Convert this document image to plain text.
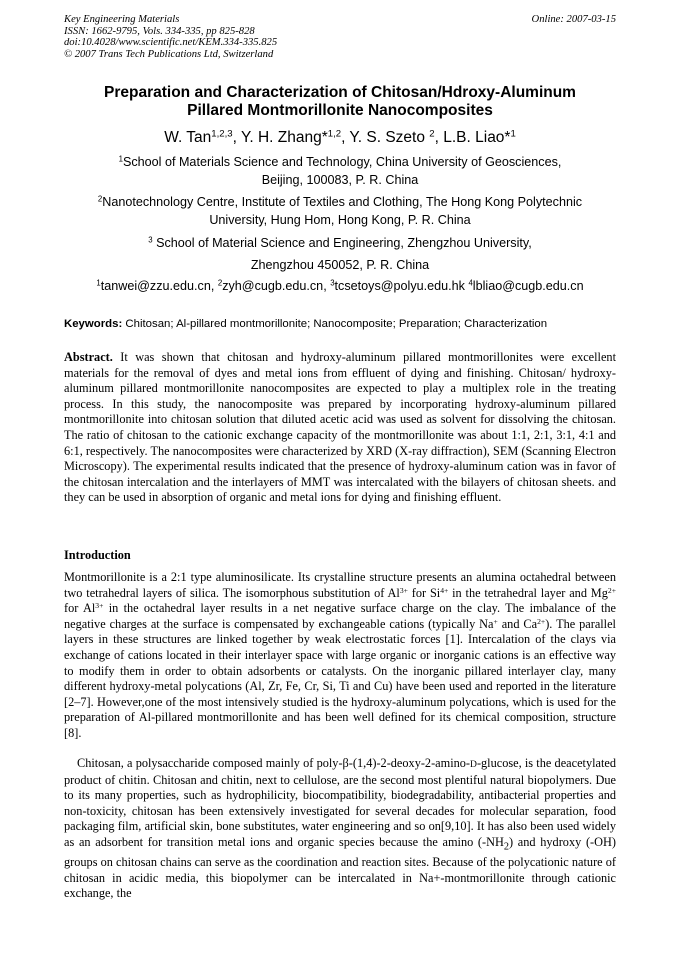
Key Engineering Materials
ISSN: 1662-9795, Vols. 334-335, pp 825-828
doi:10.4028/www.scientific.net/KEM.334-335.825
© 2007 Trans Tech Publications Ltd, Switzerland
Online: 2007-03-15
Preparation and Characterization of Chitosan/Hdroxy-Aluminum
Pillared Montmorillonite Nanocomposites
W. Tan$^{1,2,3}$, Y. H. Zhang*$^{1,2}$, Y. S. Szeto $^2$, L.B. Liao*$^1$
$^1$School of Materials Science and Technology, China University of Geosciences,
Beijing, 100083, P. R. China
$^2$Nanotechnology Centre, Institute of Textiles and Clothing, The Hong Kong Polytechnic
University, Hung Hom, Hong Kong, P. R. China
$^3$ School of Material Science and Engineering, Zhengzhou University,
Zhengzhou 450052, P. R. China
$^1$tanwei@zzu.edu.cn, $^2$zyh@cugb.edu.cn, $^3$tcsetoys@polyu.edu.hk $^4$lbliao@cugb.edu.cn
Keywords: Chitosan; Al-pillared montmorillonite; Nanocomposite; Preparation; Characterization
Abstract. It was shown that chitosan and hydroxy-aluminum pillared montmorillonites were excellent materials for the removal of dyes and metal ions from effluent of dying and finishing. Chitosan/ hydroxy-aluminum pillared montmorillonite nanocomposites are expected to play a multiplex role in the treating process. In this study, the nanocomposite was prepared by incorporating hydroxy-aluminum pillared montmorillonite into chitosan solution that diluted acetic acid was used as solvent for dissolving the chitosan. The ratio of chitosan to the cationic exchange capacity of the montmorillonite was about 1:1, 2:1, 3:1, 4:1 and 6:1, respectively. The nanocomposites were characterized by XRD (X-ray diffraction), SEM (Scanning Electron Microscopy). The experimental results indicated that the presence of hydroxy-aluminum cation was in favor of the chitosan intercalation and the interlayers of MMT was intercalated with the bilayers of chitosan sheets. and they can be used in absorption of organic and metal ions for dying and finishing effluent.
Introduction
Montmorillonite is a 2:1 type aluminosilicate. Its crystalline structure presents an alumina octahedral between two tetrahedral layers of silica. The isomorphous substitution of $Al^{3+}$ for $Si^{4+}$ in the tetrahedral layer and $Mg^{2+}$ for $Al^{3+}$ in the octahedral layer results in a net negative surface charge on the clay. The imbalance of the negative charges at the surface is compensated by exchangeable cations (typically Na+ and $Ca^{2+}$). The parallel layers in these structures are linked together by weak electrostatic forces [1]. Intercalation of the clays via exchange of cations located in their interlayer space with large organic or inorganic cations is an effective way to modify them in order to obtain adsorbents or catalysts. On the inorganic pillared interlayer clay, many different hydroxy-metal polycations (Al, Zr, Fe, Cr, Si, Ti and Cu) have been used and reported in the literature [2–7]. However,one of the most intensively studied is the hydroxy-aluminum polycations, which is used for the preparation of Al-pillared montmorillonite and has been well defined for its chemical composition, structure [8].
Chitosan, a polysaccharide composed mainly of poly-β-(1,4)-2-deoxy-2-amino-D-glucose, is the deacetylated product of chitin. Chitosan and chitin, next to cellulose, are the second most plentiful natural biopolymers. Due to its many properties, such as hydrophilicity, biocompatibility, biodegradability, antibacterial properties and non-toxicity, chitosan has been extensively investigated for several decades for molecular separation, food packaging film, artificial skin, bone substitutes, water engineering and so on[9,10]. It has also been used widely as an adsorbent for transition metal ions and organic species because the amino $(-NH_2)$ and hydroxy (-OH) groups on chitosan chains can serve as the coordination and reaction sites. Because of the polycationic nature of chitosan in acidic media, this biopolymer can be intercalated in Na+-montmorillonite through cationic exchange, the
